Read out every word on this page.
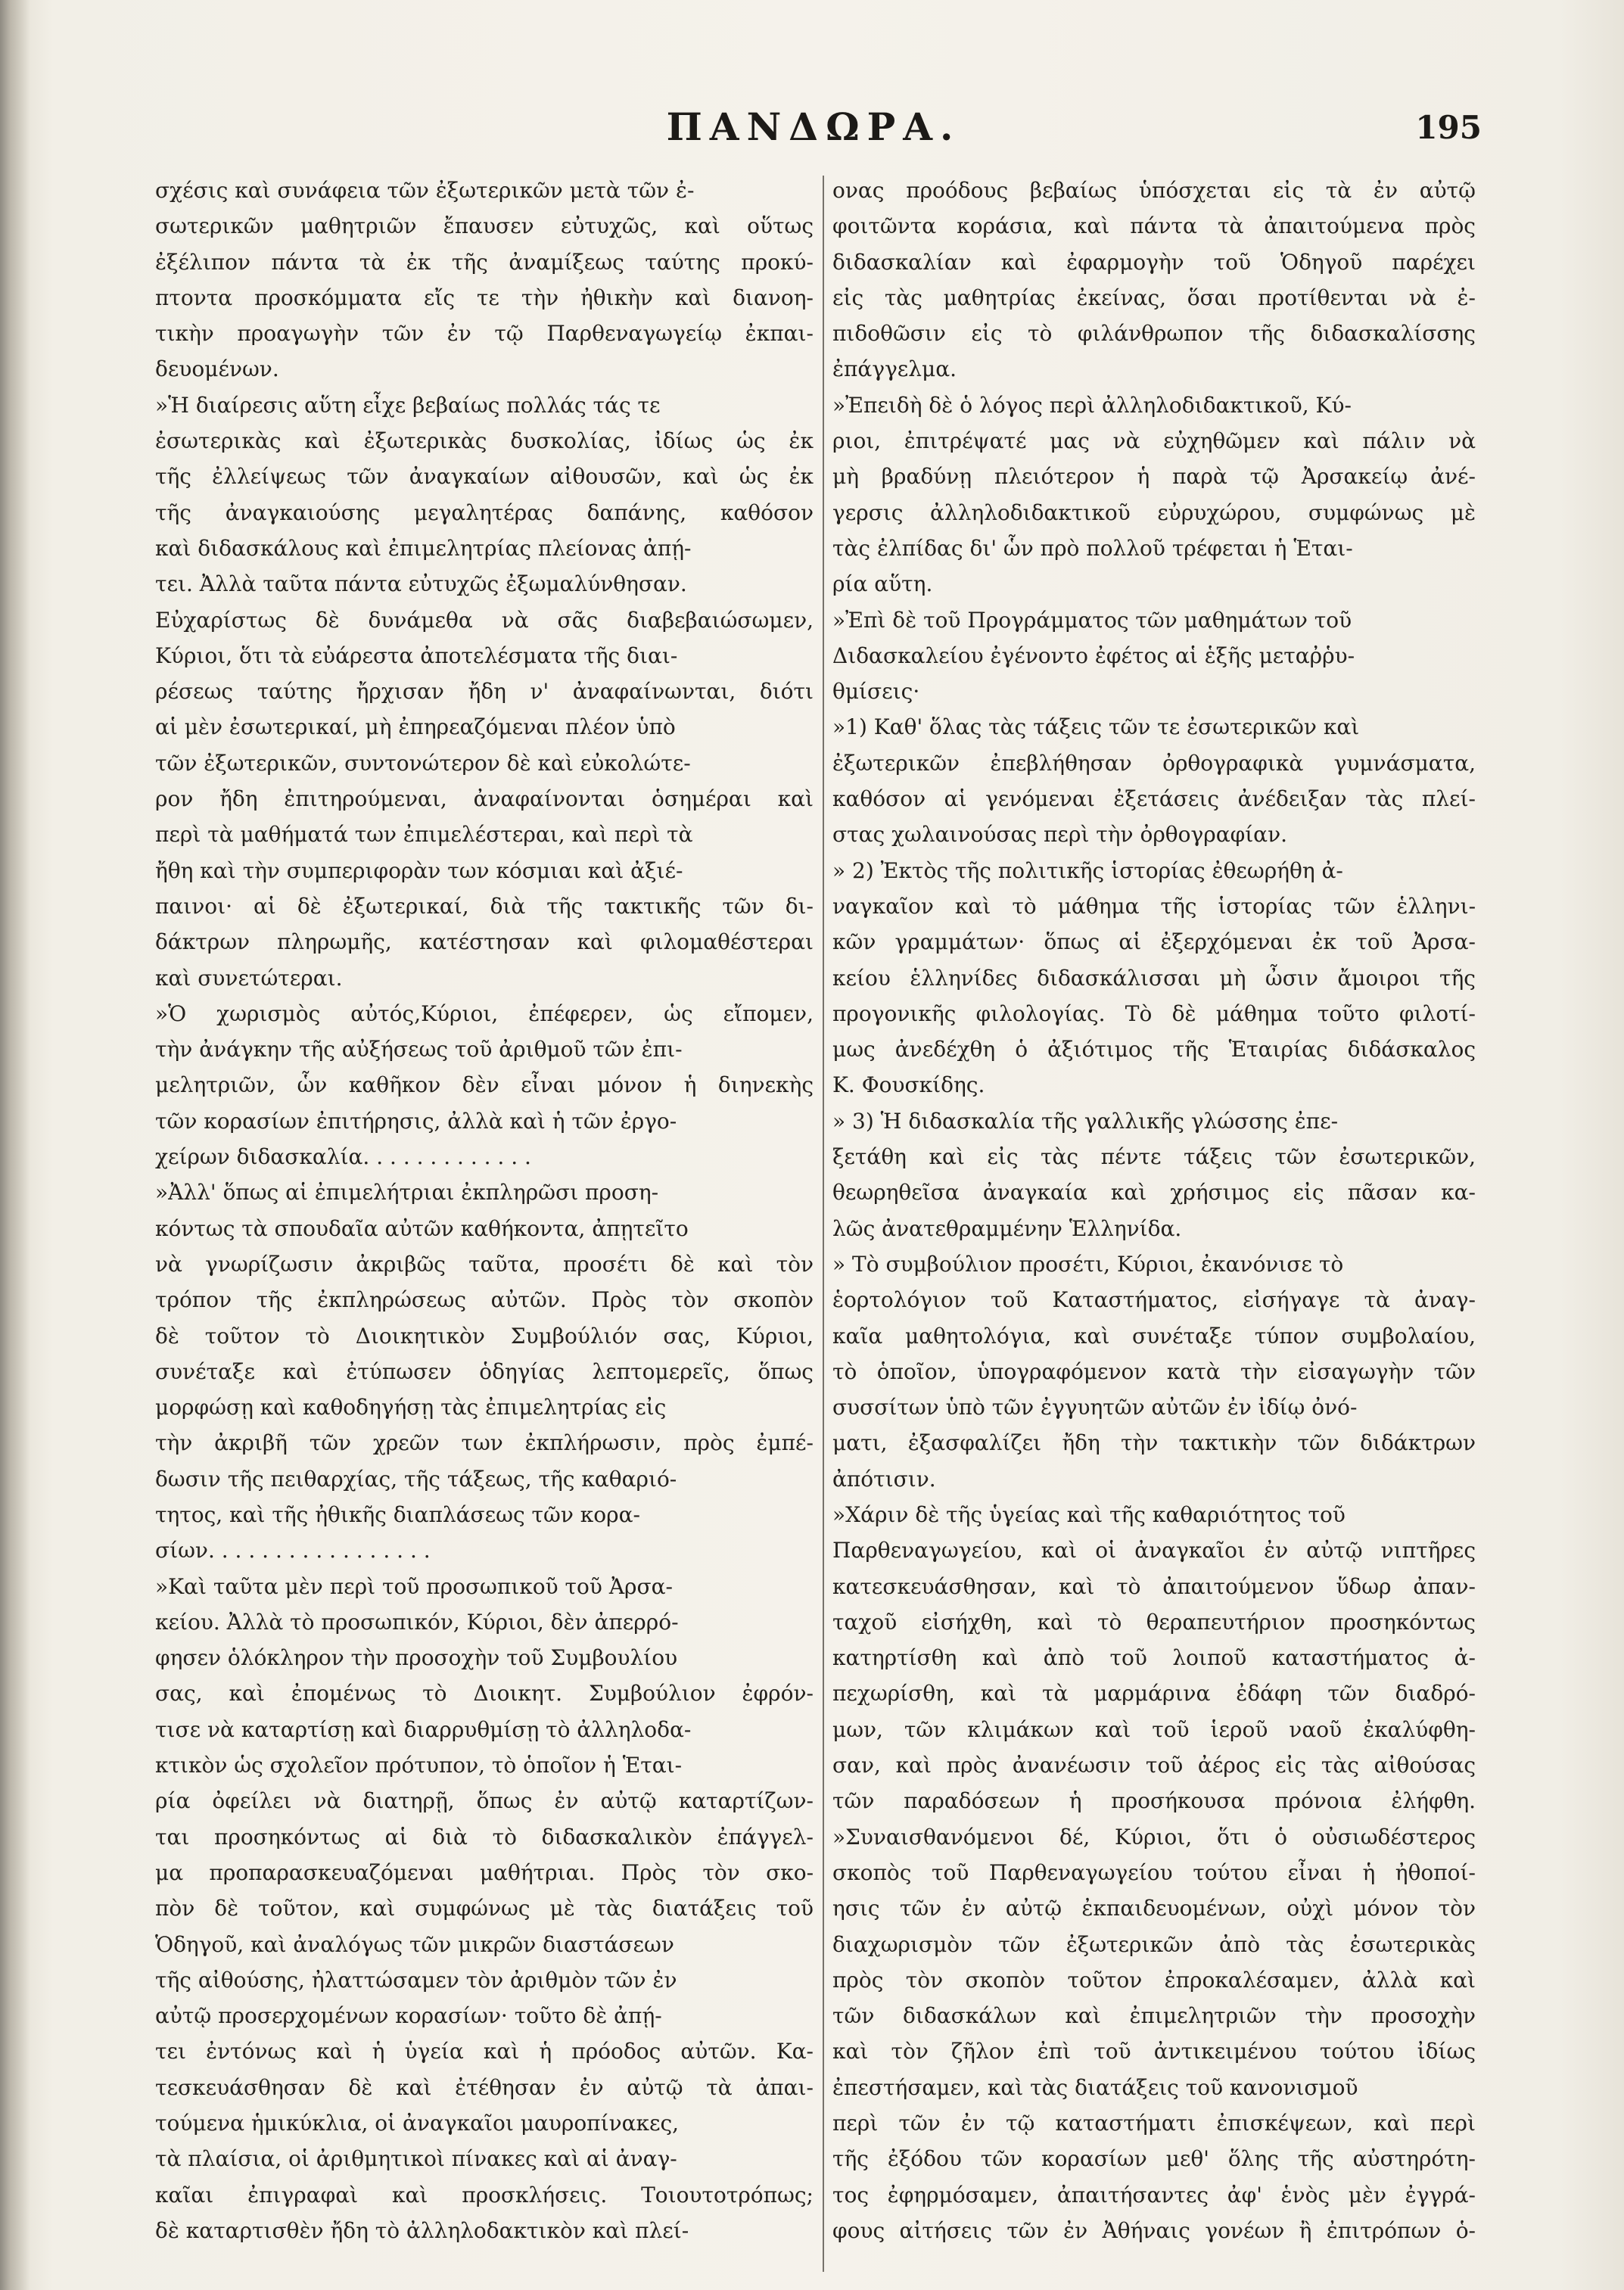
ΠΑΝΔΩΡΑ.	195
σχέσις καὶ συνάφεια τῶν ἐξωτερικῶν μετὰ τῶν ἐ-
σωτερικῶν μαθητριῶν ἔπαυσεν εὐτυχῶς, καὶ οὕτως
ἐξέλιπον πάντα τὰ ἐκ τῆς ἀναμίξεως ταύτης προκύ-
πτοντα προσκόμματα εἴς τε τὴν ἠθικὴν καὶ διανοη-
τικὴν προαγωγὴν τῶν ἐν τῷ Παρθεναγωγείῳ ἐκπαι-
δευομένων.
»Ἡ διαίρεσις αὕτη εἶχε βεβαίως πολλάς τάς τε
ἐσωτερικὰς καὶ ἐξωτερικὰς δυσκολίας, ἰδίως ὡς ἐκ
τῆς ἐλλείψεως τῶν ἀναγκαίων αἰθουσῶν, καὶ ὡς ἐκ
τῆς ἀναγκαιούσης μεγαλητέρας δαπάνης, καθόσον
καὶ διδασκάλους καὶ ἐπιμελητρίας πλείονας ἀπῄ-
τει. Ἀλλὰ ταῦτα πάντα εὐτυχῶς ἐξωμαλύνθησαν.
Εὐχαρίστως δὲ δυνάμεθα νὰ σᾶς διαβεβαιώσωμεν,
Κύριοι, ὅτι τὰ εὐάρεστα ἀποτελέσματα τῆς διαι-
ρέσεως ταύτης ἤρχισαν ἤδη ν' ἀναφαίνωνται, διότι
αἱ μὲν ἐσωτερικαί, μὴ ἐπηρεαζόμεναι πλέον ὑπὸ
τῶν ἐξωτερικῶν, συντονώτερον δὲ καὶ εὐκολώτε-
ρον ἤδη ἐπιτηρούμεναι, ἀναφαίνονται ὁσημέραι καὶ
περὶ τὰ μαθήματά των ἐπιμελέστεραι, καὶ περὶ τὰ
ἤθη καὶ τὴν συμπεριφορὰν των κόσμιαι καὶ ἀξιέ-
παινοι· αἱ δὲ ἐξωτερικαί, διὰ τῆς τακτικῆς τῶν δι-
δάκτρων πληρωμῆς, κατέστησαν καὶ φιλομαθέστεραι
καὶ συνετώτεραι.
»Ὁ χωρισμὸς αὐτός,Κύριοι, ἐπέφερεν, ὡς εἴπομεν,
τὴν ἀνάγκην τῆς αὐξήσεως τοῦ ἀριθμοῦ τῶν ἐπι-
μελητριῶν, ὧν καθῆκον δὲν εἶναι μόνον ἡ διηνεκὴς
τῶν κορασίων ἐπιτήρησις, ἀλλὰ καὶ ἡ τῶν ἐργο-
χείρων διδασκαλία. . . . . . . . . . . . .
»Ἀλλ' ὅπως αἱ ἐπιμελήτριαι ἐκπληρῶσι προση-
κόντως τὰ σπουδαῖα αὐτῶν καθήκοντα, ἀπῃτεῖτο
νὰ γνωρίζωσιν ἀκριβῶς ταῦτα, προσέτι δὲ καὶ τὸν
τρόπον τῆς ἐκπληρώσεως αὐτῶν. Πρὸς τὸν σκοπὸν
δὲ τοῦτον τὸ Διοικητικὸν Συμβούλιόν σας, Κύριοι,
συνέταξε καὶ ἐτύπωσεν ὁδηγίας λεπτομερεῖς, ὅπως
μορφώσῃ καὶ καθοδηγήσῃ τὰς ἐπιμελητρίας εἰς
τὴν ἀκριβῆ τῶν χρεῶν των ἐκπλήρωσιν, πρὸς ἐμπέ-
δωσιν τῆς πειθαρχίας, τῆς τάξεως, τῆς καθαριό-
τητος, καὶ τῆς ἠθικῆς διαπλάσεως τῶν κορα-
σίων. . . . . . . . . . . . . . . . .
»Καὶ ταῦτα μὲν περὶ τοῦ προσωπικοῦ τοῦ Ἀρσα-
κείου. Ἀλλὰ τὸ προσωπικόν, Κύριοι, δὲν ἀπερρό-
φησεν ὁλόκληρον τὴν προσοχὴν τοῦ Συμβουλίου
σας, καὶ ἐπομένως τὸ Διοικητ. Συμβούλιον ἐφρόν-
τισε νὰ καταρτίσῃ καὶ διαρρυθμίσῃ τὸ ἀλληλοδα-
κτικὸν ὡς σχολεῖον πρότυπον, τὸ ὁποῖον ἡ Ἑται-
ρία ὀφείλει νὰ διατηρῇ, ὅπως ἐν αὐτῷ καταρτίζων-
ται προσηκόντως αἱ διὰ τὸ διδασκαλικὸν ἐπάγγελ-
μα προπαρασκευαζόμεναι μαθήτριαι. Πρὸς τὸν σκο-
πὸν δὲ τοῦτον, καὶ συμφώνως μὲ τὰς διατάξεις τοῦ
Ὁδηγοῦ, καὶ ἀναλόγως τῶν μικρῶν διαστάσεων
τῆς αἰθούσης, ἠλαττώσαμεν τὸν ἀριθμὸν τῶν ἐν
αὐτῷ προσερχομένων κορασίων· τοῦτο δὲ ἀπῄ-
τει ἐντόνως καὶ ἡ ὑγεία καὶ ἡ πρόοδος αὐτῶν. Κα-
τεσκευάσθησαν δὲ καὶ ἐτέθησαν ἐν αὐτῷ τὰ ἀπαι-
τούμενα ἡμικύκλια, οἱ ἀναγκαῖοι μαυροπίνακες,
τὰ πλαίσια, οἱ ἀριθμητικοὶ πίνακες καὶ αἱ ἀναγ-
καῖαι ἐπιγραφαὶ καὶ προσκλήσεις. Τοιουτοτρόπως;
δὲ καταρτισθὲν ἤδη τὸ ἀλληλοδακτικὸν καὶ πλεί-
ονας προόδους βεβαίως ὑπόσχεται εἰς τὰ ἐν αὐτῷ
φοιτῶντα κοράσια, καὶ πάντα τὰ ἀπαιτούμενα πρὸς
διδασκαλίαν καὶ ἐφαρμογὴν τοῦ Ὁδηγοῦ παρέχει
εἰς τὰς μαθητρίας ἐκείνας, ὅσαι προτίθενται νὰ ἐ-
πιδοθῶσιν εἰς τὸ φιλάνθρωπον τῆς διδασκαλίσσης
ἐπάγγελμα.
»Ἐπειδὴ δὲ ὁ λόγος περὶ ἀλληλοδιδακτικοῦ, Κύ-
ριοι, ἐπιτρέψατέ μας νὰ εὐχηθῶμεν καὶ πάλιν νὰ
μὴ βραδύνῃ πλειότερον ἡ παρὰ τῷ Ἀρσακείῳ ἀνέ-
γερσις ἀλληλοδιδακτικοῦ εὐρυχώρου, συμφώνως μὲ
τὰς ἐλπίδας δι' ὧν πρὸ πολλοῦ τρέφεται ἡ Ἑται-
ρία αὕτη.
»Ἐπὶ δὲ τοῦ Προγράμματος τῶν μαθημάτων τοῦ
Διδασκαλείου ἐγένοντο ἐφέτος αἱ ἑξῆς μεταῤῥυ-
θμίσεις·
»1) Καθ' ὅλας τὰς τάξεις τῶν τε ἐσωτερικῶν καὶ
ἐξωτερικῶν ἐπεβλήθησαν ὀρθογραφικὰ γυμνάσματα,
καθόσον αἱ γενόμεναι ἐξετάσεις ἀνέδειξαν τὰς πλεί-
στας χωλαινούσας περὶ τὴν ὀρθογραφίαν.
» 2) Ἐκτὸς τῆς πολιτικῆς ἱστορίας ἐθεωρήθη ἀ-
ναγκαῖον καὶ τὸ μάθημα τῆς ἱστορίας τῶν ἑλληνι-
κῶν γραμμάτων· ὅπως αἱ ἐξερχόμεναι ἐκ τοῦ Ἀρσα-
κείου ἑλληνίδες διδασκάλισσαι μὴ ὦσιν ἄμοιροι τῆς
προγονικῆς φιλολογίας. Τὸ δὲ μάθημα τοῦτο φιλοτί-
μως ἀνεδέχθη ὁ ἀξιότιμος τῆς Ἑταιρίας διδάσκαλος
Κ. Φουσκίδης.
» 3) Ἡ διδασκαλία τῆς γαλλικῆς γλώσσης ἐπε-
ξετάθη καὶ εἰς τὰς πέντε τάξεις τῶν ἐσωτερικῶν,
θεωρηθεῖσα ἀναγκαία καὶ χρήσιμος εἰς πᾶσαν κα-
λῶς ἀνατεθραμμένην Ἑλληνίδα.
» Τὸ συμβούλιον προσέτι, Κύριοι, ἐκανόνισε τὸ
ἑορτολόγιον τοῦ Καταστήματος, εἰσήγαγε τὰ ἀναγ-
καῖα μαθητολόγια, καὶ συνέταξε τύπον συμβολαίου,
τὸ ὁποῖον, ὑπογραφόμενον κατὰ τὴν εἰσαγωγὴν τῶν
συσσίτων ὑπὸ τῶν ἐγγυητῶν αὐτῶν ἐν ἰδίῳ ὀνό-
ματι, ἐξασφαλίζει ἤδη τὴν τακτικὴν τῶν διδάκτρων
ἀπότισιν.
»Χάριν δὲ τῆς ὑγείας καὶ τῆς καθαριότητος τοῦ
Παρθεναγωγείου, καὶ οἱ ἀναγκαῖοι ἐν αὐτῷ νιπτῆρες
κατεσκευάσθησαν, καὶ τὸ ἀπαιτούμενον ὕδωρ ἀπαν-
ταχοῦ εἰσήχθη, καὶ τὸ θεραπευτήριον προσηκόντως
κατηρτίσθη καὶ ἀπὸ τοῦ λοιποῦ καταστήματος ἀ-
πεχωρίσθη, καὶ τὰ μαρμάρινα ἐδάφη τῶν διαδρό-
μων, τῶν κλιμάκων καὶ τοῦ ἱεροῦ ναοῦ ἐκαλύφθη-
σαν, καὶ πρὸς ἀνανέωσιν τοῦ ἀέρος εἰς τὰς αἰθούσας
τῶν παραδόσεων ἡ προσήκουσα πρόνοια ἐλήφθη.
»Συναισθανόμενοι δέ, Κύριοι, ὅτι ὁ οὐσιωδέστερος
σκοπὸς τοῦ Παρθεναγωγείου τούτου εἶναι ἡ ἠθοποί-
ησις τῶν ἐν αὐτῷ ἐκπαιδευομένων, οὐχὶ μόνον τὸν
διαχωρισμὸν τῶν ἐξωτερικῶν ἀπὸ τὰς ἐσωτερικὰς
πρὸς τὸν σκοπὸν τοῦτον ἐπροκαλέσαμεν, ἀλλὰ καὶ
τῶν διδασκάλων καὶ ἐπιμελητριῶν τὴν προσοχὴν
καὶ τὸν ζῆλον ἐπὶ τοῦ ἀντικειμένου τούτου ἰδίως
ἐπεστήσαμεν, καὶ τὰς διατάξεις τοῦ κανονισμοῦ
περὶ τῶν ἐν τῷ καταστήματι ἐπισκέψεων, καὶ περὶ
τῆς ἐξόδου τῶν κορασίων μεθ' ὅλης τῆς αὐστηρότη-
τος ἐφηρμόσαμεν, ἀπαιτήσαντες ἀφ' ἑνὸς μὲν ἐγγρά-
φους αἰτήσεις τῶν ἐν Ἀθήναις γονέων ἢ ἐπιτρόπων ὁ-
